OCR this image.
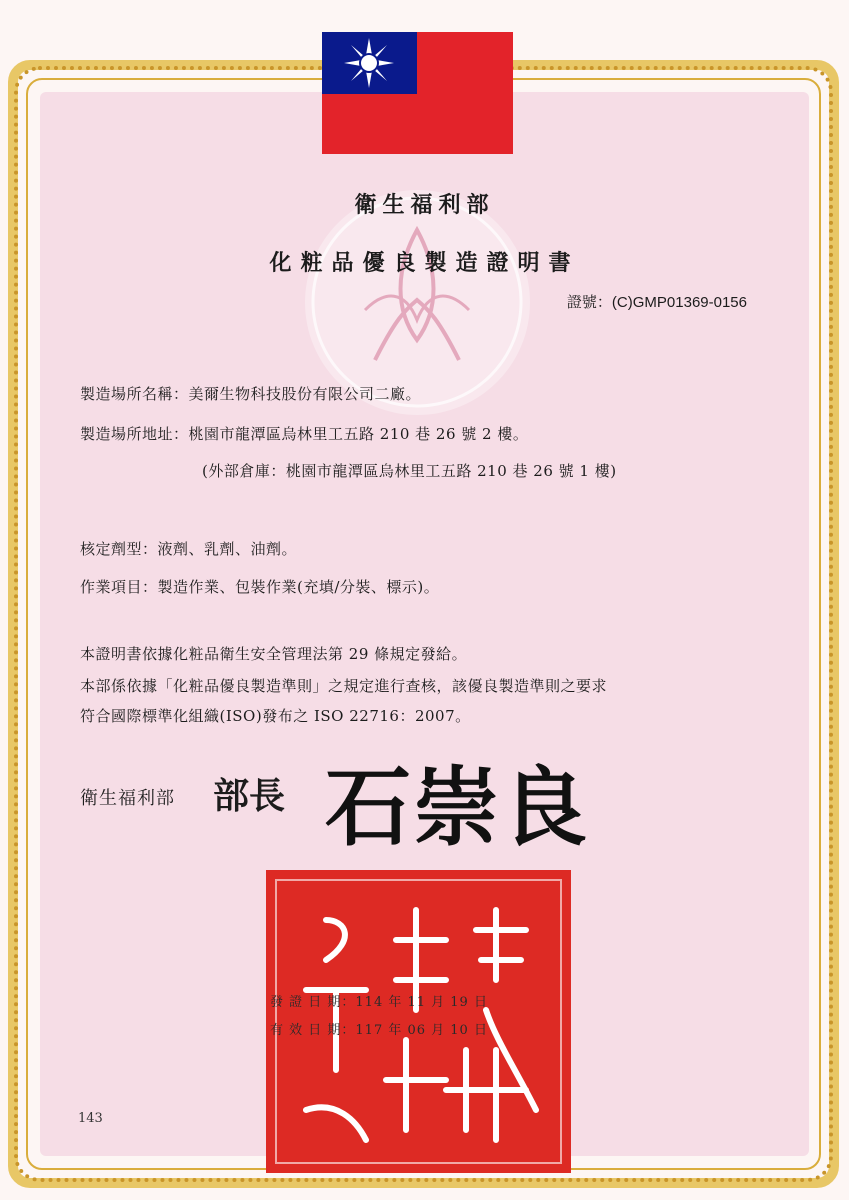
衛生福利部
化粧品優良製造證明書
證號：(C)GMP01369-0156
製造場所名稱：美爾生物科技股份有限公司二廠。
製造場所地址：桃園市龍潭區烏林里工五路 210 巷 26 號 2 樓。
(外部倉庫：桃園市龍潭區烏林里工五路 210 巷 26 號 1 樓)
核定劑型：液劑、乳劑、油劑。
作業項目：製造作業、包裝作業(充填/分裝、標示)。
本證明書依據化粧品衛生安全管理法第 29 條規定發給。
本部係依據「化粧品優良製造準則」之規定進行查核，該優良製造準則之要求
符合國際標準化組織(ISO)發布之 ISO 22716：2007。
衛生福利部 部長 石崇良
發 證 日 期：114 年 11 月 19 日
有 效 日 期：117 年 06 月 10 日
143
